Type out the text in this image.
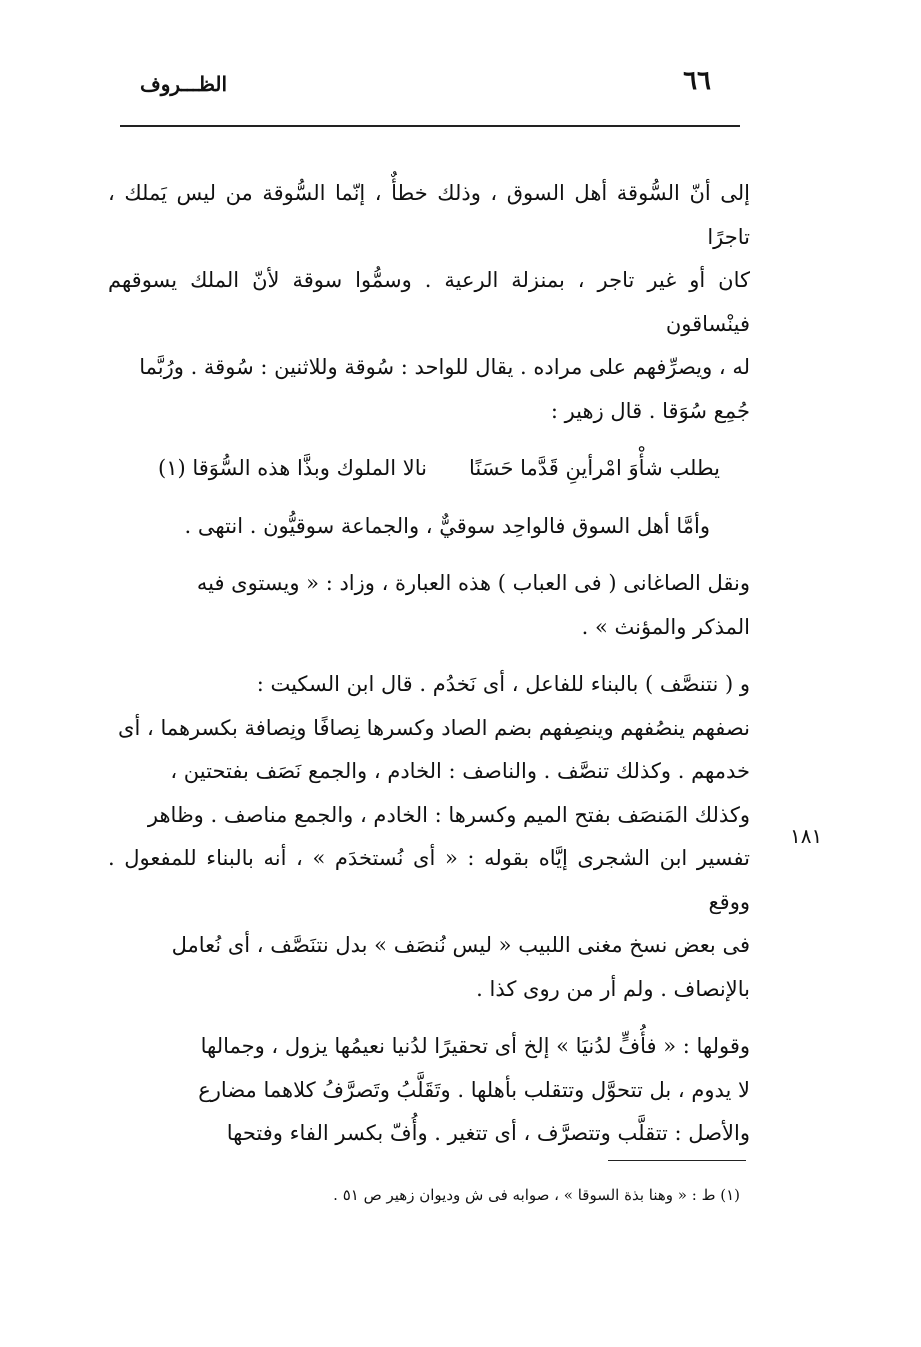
٦٦
الظـــروف

إلى أنّ السُّوقة أهل السوق ، وذلك خطأٌ ، إنّما السُّوقة من ليس يَملك ، تاجرًا

كان أو غير تاجر ، بمنزلة الرعية . وسمُّوا سوقة لأنّ الملك يسوقهم فينْساقون

له ، ويصرِّفهم على مراده . يقال للواحد : سُوقة وللاثنين : سُوقة . ورُبَّما

جُمِع سُوَقا . قال زهير :

يطلب شأْوَ امْرأينِ قَدَّما حَسَنًا
نالا الملوك وبذَّا هذه السُّوَقا (١)
وأمَّا أهل السوق فالواحِد سوقيٌّ ، والجماعة سوقيُّون . انتهى .

ونقل الصاغانى ( فى العباب ) هذه العبارة ، وزاد : « ويستوى فيه

المذكر والمؤنث » .

و ( نتنصَّف ) بالبناء للفاعل ، أى نَخدُم . قال ابن السكيت :

نصفهم ينصُفهم وينصِفهم بضم الصاد وكسرها نِصافًا ونِصافة بكسرهما ، أى

خدمهم . وكذلك تنصَّف . والناصف : الخادم ، والجمع نَصَف بفتحتين ،

وكذلك المَنصَف بفتح الميم وكسرها : الخادم ، والجمع مناصف . وظاهر

تفسير ابن الشجرى إيَّاه بقوله : « أى نُستخدَم » ، أنه بالبناء للمفعول . ووقع

فى بعض نسخ مغنى اللبيب « ليس نُنصَف » بدل نتنَصَّف ، أى نُعامل

بالإنصاف . ولم أر من روى كذا .

وقولها : « فأُفٍّ لدُنيَا » إلخ أى تحقيرًا لدُنيا نعيمُها يزول ، وجمالها

لا يدوم ، بل تتحوَّل وتتقلب بأهلها . وتَقَلَّبُ وتَصرَّفُ كلاهما مضارع

والأصل : تتقلَّب وتتصرَّف ، أى تتغير . وأُفّ بكسر الفاء وفتحها

١٨١
(١) ط : « وهنا بذة السوقا » ، صوابه فى ش وديوان زهير ص ٥١ .
